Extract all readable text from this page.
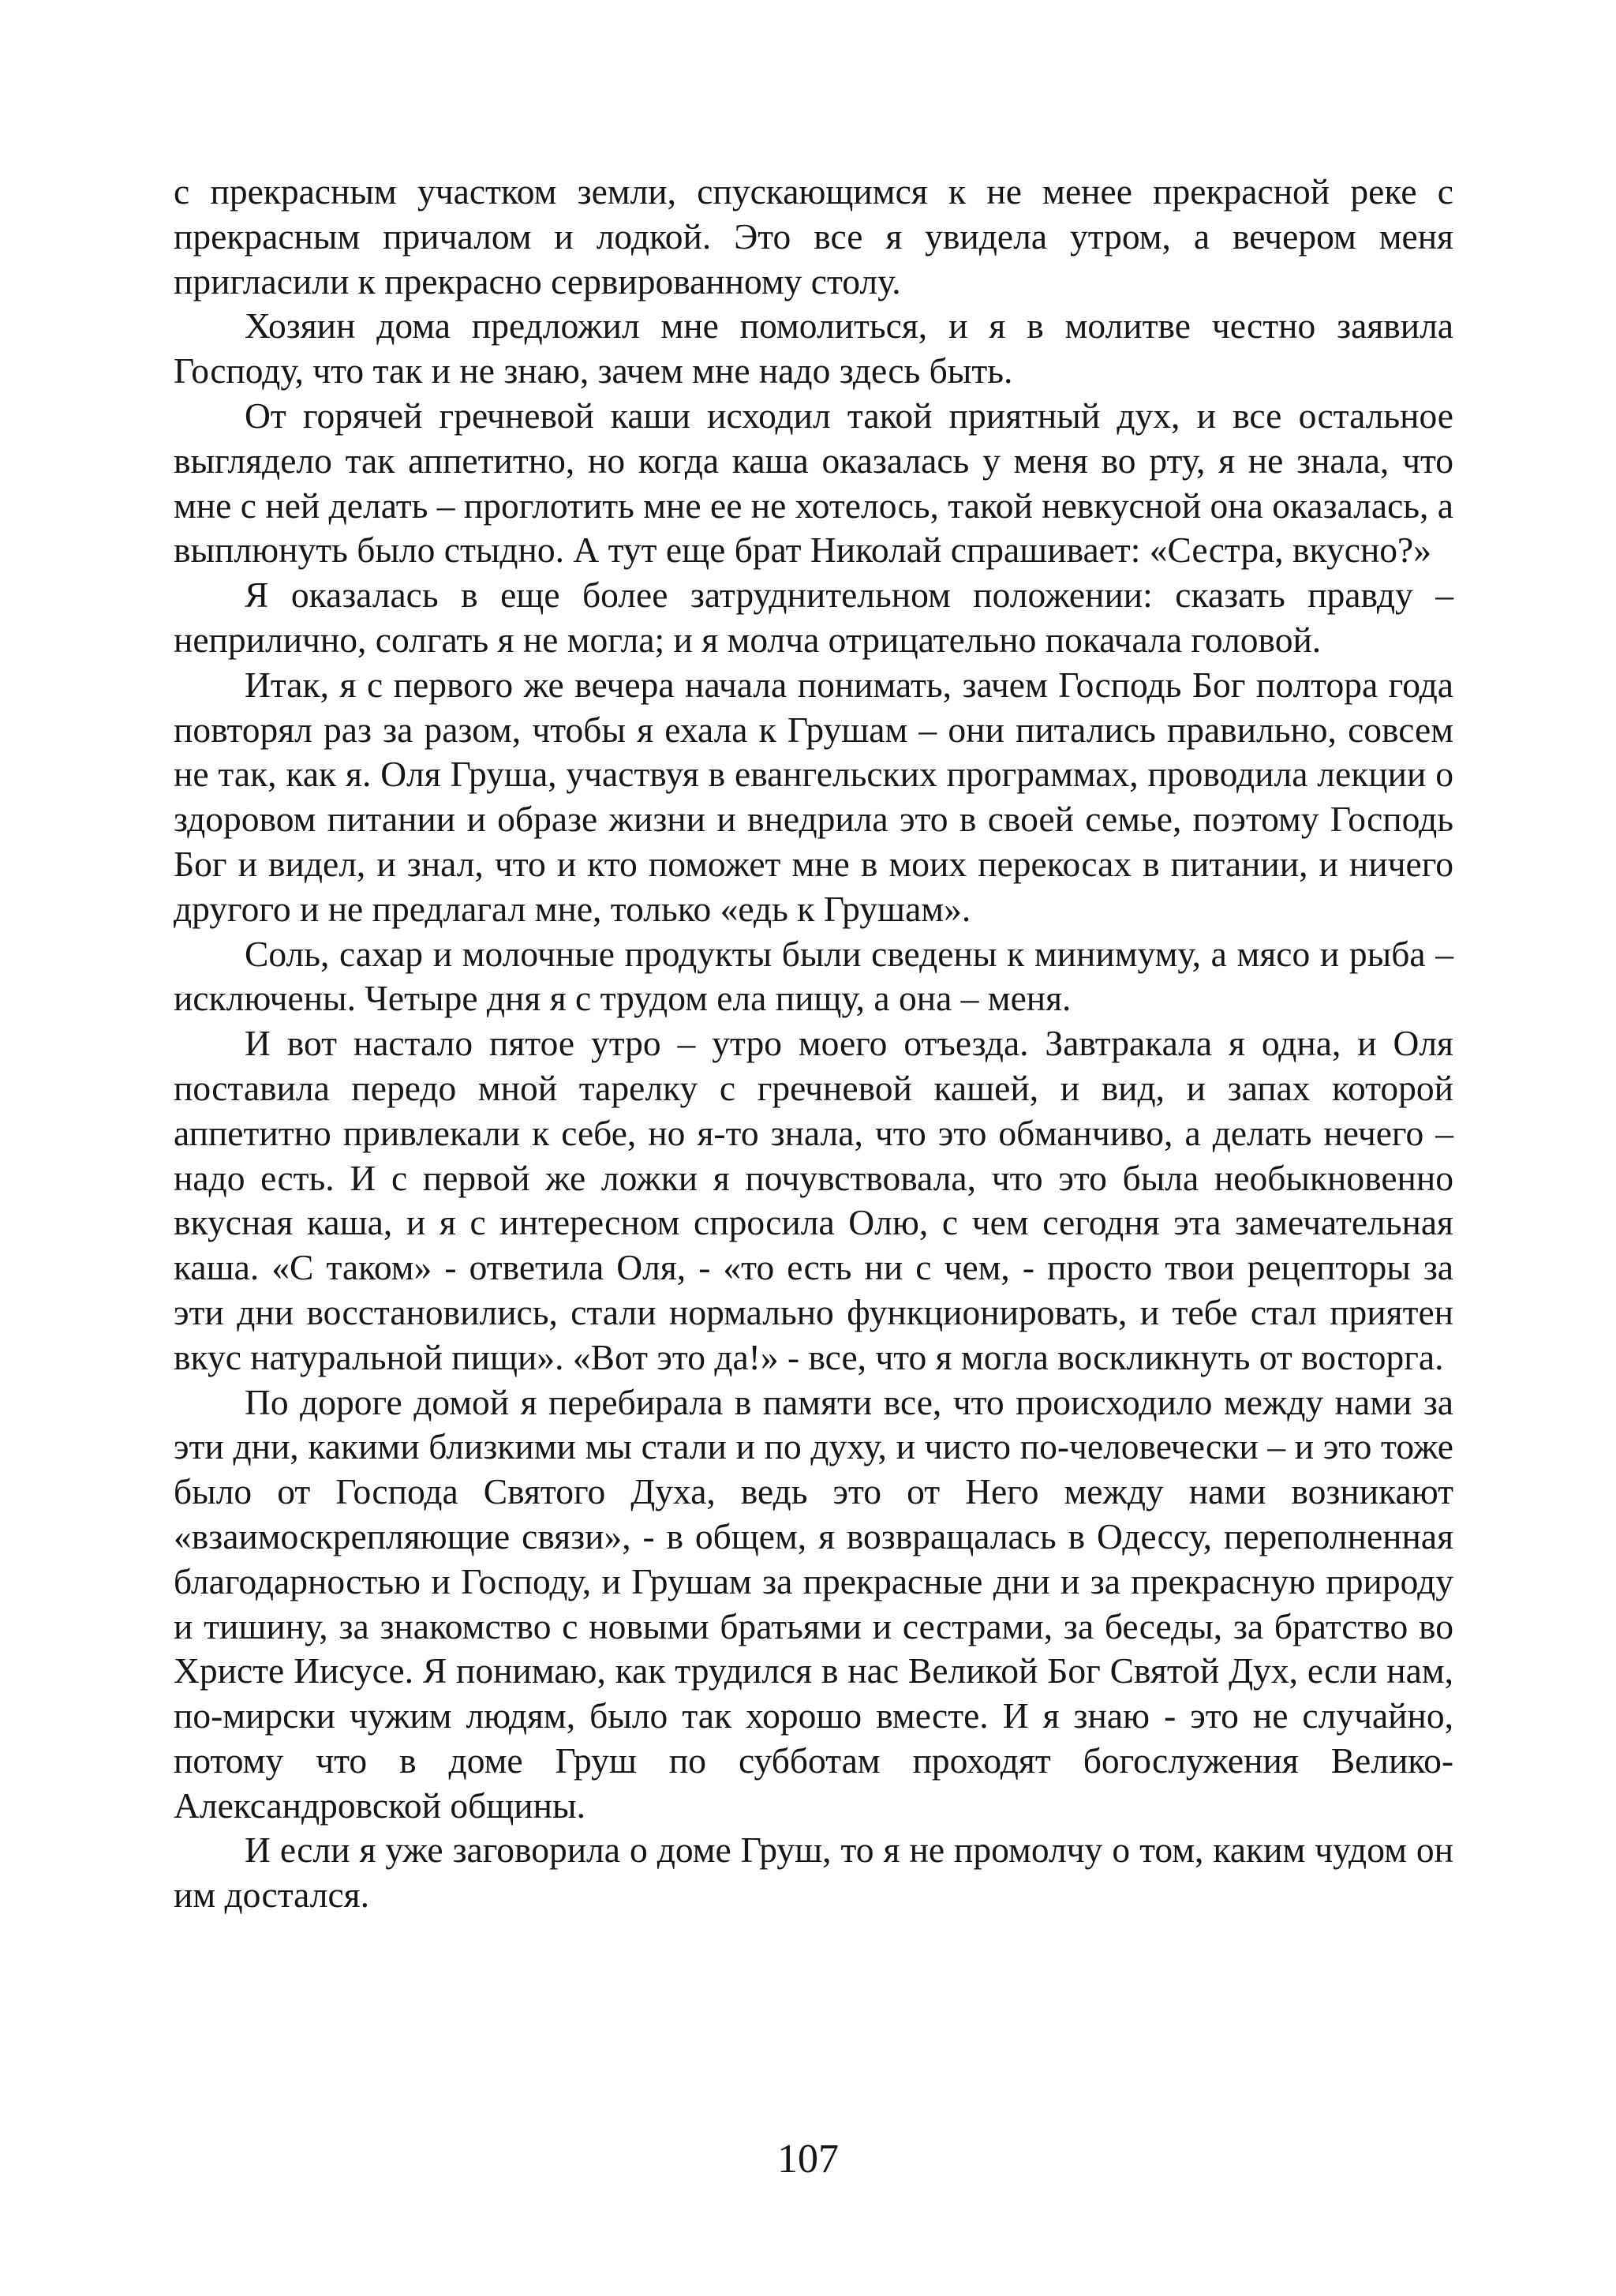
с прекрасным участком земли, спускающимся к не менее прекрасной реке с прекрасным причалом и лодкой. Это все я увидела утром, а вечером меня пригласили к прекрасно сервированному столу.

Хозяин дома предложил мне помолиться, и я в молитве честно заявила Господу, что так и не знаю, зачем мне надо здесь быть.

От горячей гречневой каши исходил такой приятный дух, и все остальное выглядело так аппетитно, но когда каша оказалась у меня во рту, я не знала, что мне с ней делать – проглотить мне ее не хотелось, такой невкусной она оказалась, а выплюнуть было стыдно. А тут еще брат Николай спрашивает: «Сестра, вкусно?»

Я оказалась в еще более затруднительном положении: сказать правду – неприлично, солгать я не могла; и я молча отрицательно покачала головой.

Итак, я с первого же вечера начала понимать, зачем Господь Бог полтора года повторял раз за разом, чтобы я ехала к Грушам – они питались правильно, совсем не так, как я. Оля Груша, участвуя в евангельских программах, проводила лекции о здоровом питании и образе жизни и внедрила это в своей семье, поэтому Господь Бог и видел, и знал, что и кто поможет мне в моих перекосах в питании, и ничего другого и не предлагал мне, только «едь к Грушам».

Соль, сахар и молочные продукты были сведены к минимуму, а мясо и рыба – исключены. Четыре дня я с трудом ела пищу, а она – меня.

И вот настало пятое утро – утро моего отъезда. Завтракала я одна, и Оля поставила передо мной тарелку с гречневой кашей, и вид, и запах которой аппетитно привлекали к себе, но я-то знала, что это обманчиво, а делать нечего – надо есть. И с первой же ложки я почувствовала, что это была необыкновенно вкусная каша, и я с интересном спросила Олю, с чем сегодня эта замечательная каша. «С таком» - ответила Оля, - «то есть ни с чем, - просто твои рецепторы за эти дни восстановились, стали нормально функционировать, и тебе стал приятен вкус натуральной пищи». «Вот это да!» - все, что я могла воскликнуть от восторга.

По дороге домой я перебирала в памяти все, что происходило между нами за эти дни, какими близкими мы стали и по духу, и чисто по-человечески – и это тоже было от Господа Святого Духа, ведь это от Него между нами возникают «взаимоскрепляющие связи», - в общем, я возвращалась в Одессу, переполненная благодарностью и Господу, и Грушам за прекрасные дни и за прекрасную природу и тишину, за знакомство с новыми братьями и сестрами, за беседы, за братство во Христе Иисусе. Я понимаю, как трудился в нас Великой Бог Святой Дух, если нам, по-мирски чужим людям, было так хорошо вместе. И я знаю - это не случайно, потому что в доме Груш по субботам проходят богослужения Велико-Александровской общины.

И если я уже заговорила о доме Груш, то я не промолчу о том, каким чудом он им достался.

107
